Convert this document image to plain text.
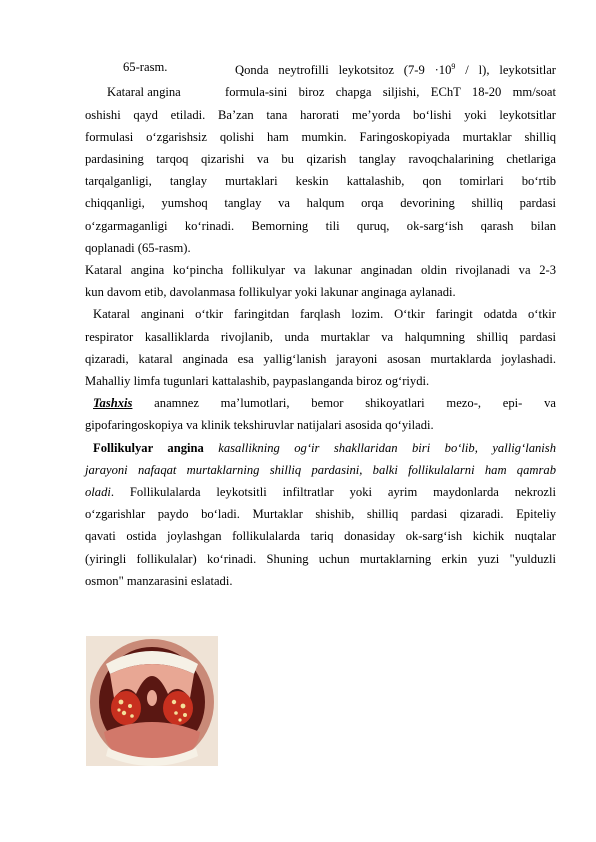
65-rasm.	Qonda neytrofilli leykotsitoz $(7-9 \cdot 10^9 / l)$, leykotsitlar
Kataral angina	formula-sini biroz chapga siljishi, EChT 18-20 mm/soat
oshishi qayd etiladi. Ba’zan tana harorati me’yorda bo‘lishi yoki leykotsitlar
formulasi o‘zgarishsiz qolishi ham mumkin. Faringoskopiyada murtaklar shilliq
pardasining tarqoq qizarishi va bu qizarish tanglay ravoqchalarining chetlariga
tarqalganligi, tanglay murtaklari keskin kattalashib, qon tomirlari bo‘rtib
chiqqanligi, yumshoq tanglay va halqum orqa devorining shilliq pardasi
o‘zgarmaganligi ko‘rinadi. Bemorning tili quruq, ok-sarg‘ish qarash bilan
qoplanadi (65-rasm).
Kataral angina ko‘pincha follikulyar va lakunar anginadan oldin rivojlanadi va 2-3
kun davom etib, davolanmasa follikulyar yoki lakunar anginaga aylanadi.
Kataral anginani o‘tkir faringitdan farqlash lozim. O‘tkir faringit odatda o‘tkir
respirator kasalliklarda rivojlanib, unda murtaklar va halqumning shilliq pardasi
qizaradi, kataral anginada esa yallig‘lanish jarayoni asosan murtaklarda joylashadi.
Mahalliy limfa tugunlari kattalashib, paypaslanganda biroz og‘riydi.
Tashxis anamnez ma’lumotlari, bemor shikoyatlari mezo-, epi- va
gipofaringoskopiya va klinik tekshiruvlar natijalari asosida qo‘yiladi.
Follikulyar angina kasallikning og‘ir shakllaridan biri bo‘lib, yallig‘lanish
jarayoni nafaqat murtaklarning shilliq pardasini, balki follikulalarni ham qamrab
oladi. Follikulalarda leykotsitli infiltratlar yoki ayrim maydonlarda nekrozli
o‘zgarishlar paydo bo‘ladi. Murtaklar shishib, shilliq pardasi qizaradi. Epiteliy
qavati ostida joylashgan follikulalarda tariq donasiday ok-sarg‘ish kichik nuqtalar
(yiringli follikulalar) ko‘rinadi. Shuning uchun murtaklarning erkin yuzi "yulduzli
osmon" manzarasini eslatadi.
